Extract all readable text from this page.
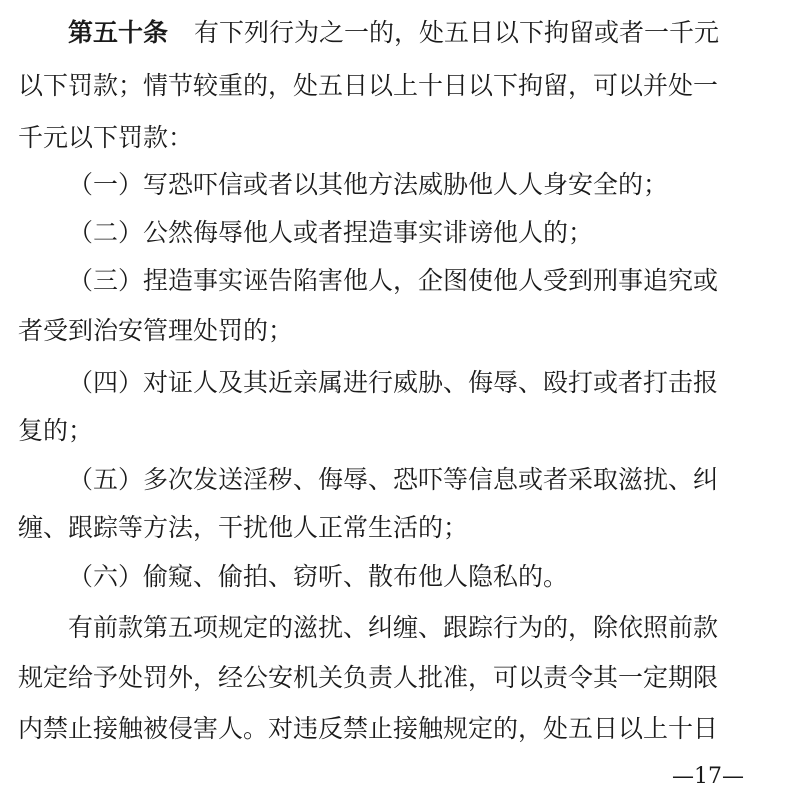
第五十条 有下列行为之一的，处五日以下拘留或者一千元
以下罚款；情节较重的，处五日以上十日以下拘留，可以并处一
千元以下罚款：
（一）写恐吓信或者以其他方法威胁他人人身安全的；
（二）公然侮辱他人或者捏造事实诽谤他人的；
（三）捏造事实诬告陷害他人，企图使他人受到刑事追究或
者受到治安管理处罚的；
（四）对证人及其近亲属进行威胁、侮辱、殴打或者打击报
复的；
（五）多次发送淫秽、侮辱、恐吓等信息或者采取滋扰、纠
缠、跟踪等方法，干扰他人正常生活的；
（六）偷窥、偷拍、窃听、散布他人隐私的。
有前款第五项规定的滋扰、纠缠、跟踪行为的，除依照前款
规定给予处罚外，经公安机关负责人批准，可以责令其一定期限
内禁止接触被侵害人。对违反禁止接触规定的，处五日以上十日
—17—
